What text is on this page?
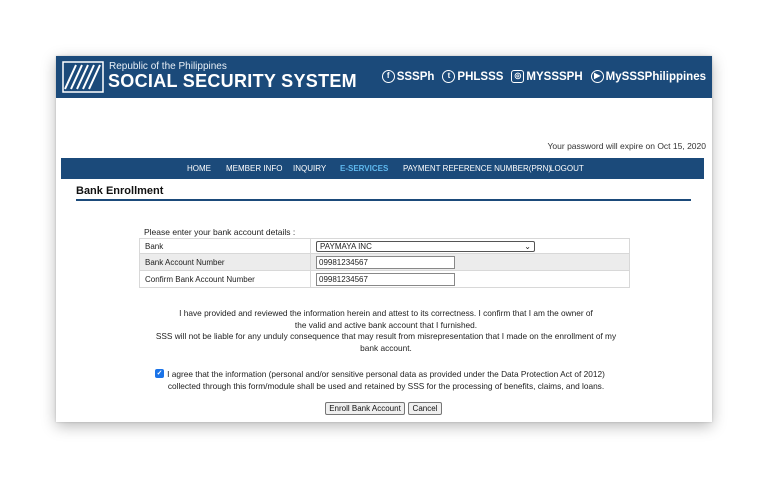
Republic of the Philippines
SOCIAL SECURITY SYSTEM	f SSSPh	t PHLSSS	◎ MYSSSPH	▶ MySSSPhilippines
Your password will expire on Oct 15, 2020
HOME MEMBER INFO INQUIRY E-SERVICES PAYMENT REFERENCE NUMBER(PRN)
LOGOUT
Bank Enrollment
Please enter your bank account details :
Bank	PAYMAYA INC ⌄

Bank Account Number	09981234567

Confirm Bank Account Number	09981234567
I have provided and reviewed the information herein and attest to its correctness. I confirm that I am the owner of
the valid and active bank account that I furnished.
SSS will not be liable for any unduly consequence that may result from misrepresentation that I made on the enrollment of my
bank account.
✓ I agree that the information (personal and/or sensitive personal data as provided under the Data Protection Act of 2012)
collected through this form/module shall be used and retained by SSS for the processing of benefits, claims, and loans.
Enroll Bank Account	Cancel
